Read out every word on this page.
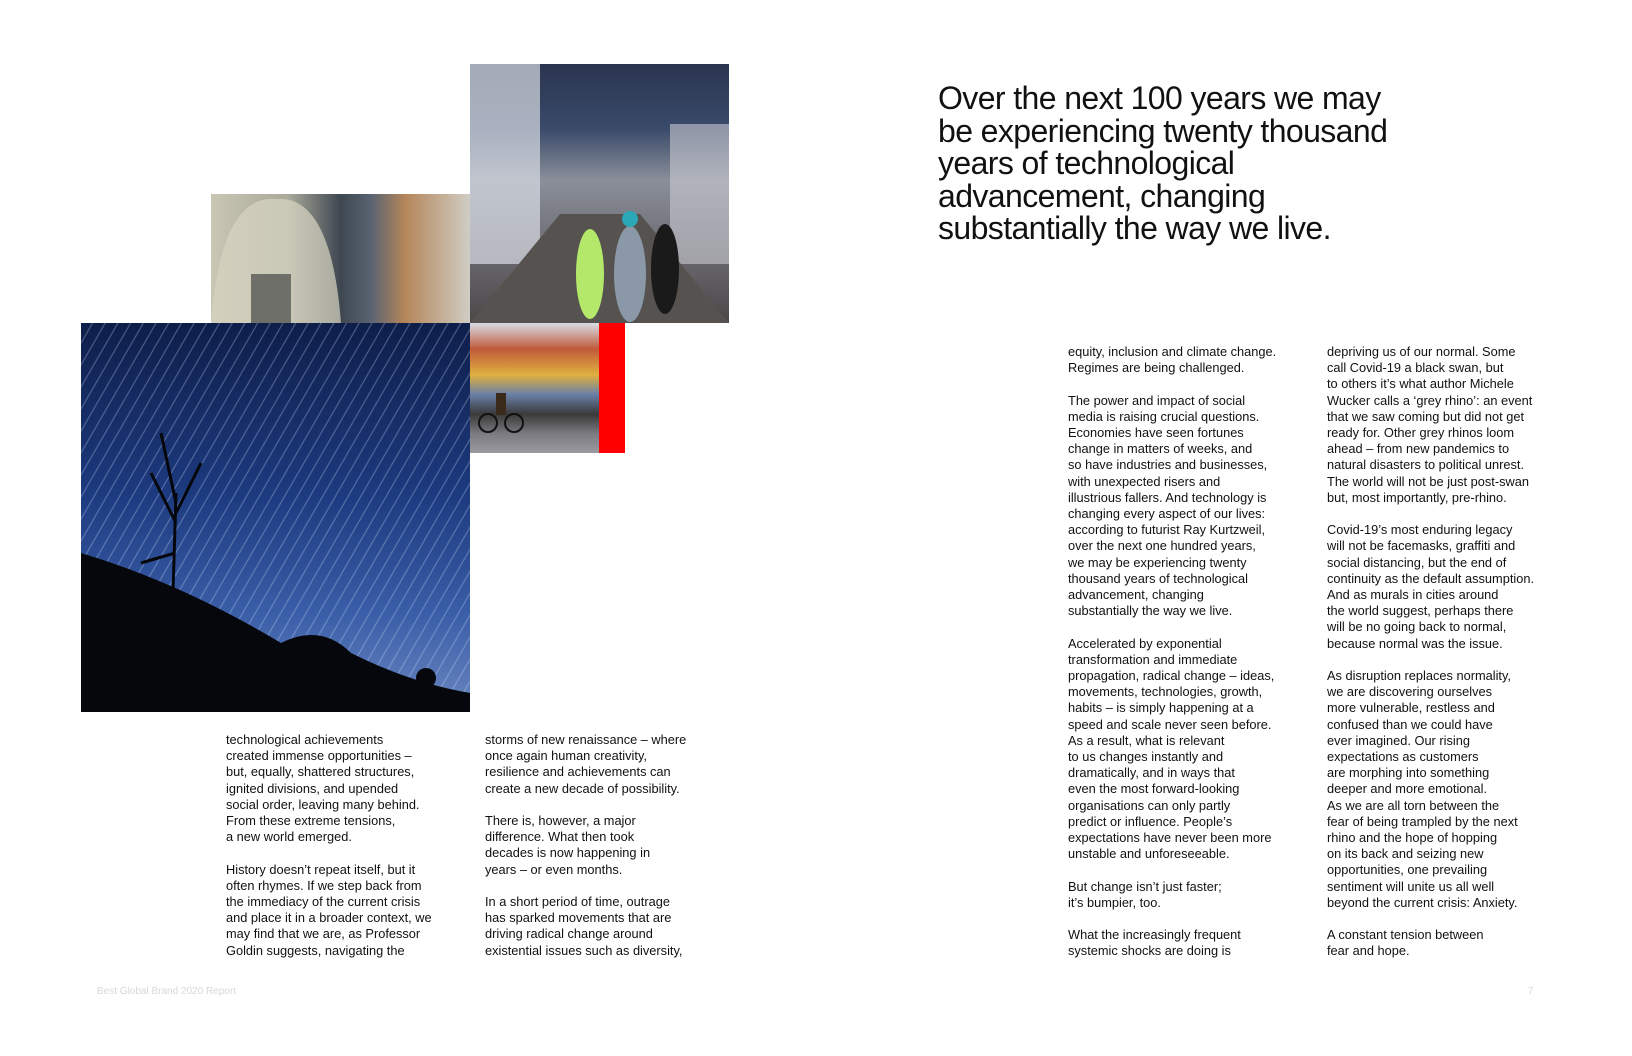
Over the next 100 years we may be experiencing twenty thousand years of technological advancement, changing substantially the way we live.

technological achievements
created immense opportunities –
but, equally, shattered structures,
ignited divisions, and upended
social order, leaving many behind.
From these extreme tensions,
a new world emerged.

History doesn’t repeat itself, but it
often rhymes. If we step back from
the immediacy of the current crisis
and place it in a broader context, we
may find that we are, as Professor
Goldin suggests, navigating the

storms of new renaissance – where
once again human creativity,
resilience and achievements can
create a new decade of possibility.

There is, however, a major
difference. What then took
decades is now happening in
years – or even months.

In a short period of time, outrage
has sparked movements that are
driving radical change around
existential issues such as diversity,

equity, inclusion and climate change.
Regimes are being challenged.

The power and impact of social
media is raising crucial questions.
Economies have seen fortunes
change in matters of weeks, and
so have industries and businesses,
with unexpected risers and
illustrious fallers. And technology is
changing every aspect of our lives:
according to futurist Ray Kurtzweil,
over the next one hundred years,
we may be experiencing twenty
thousand years of technological
advancement, changing
substantially the way we live.

Accelerated by exponential
transformation and immediate
propagation, radical change – ideas,
movements, technologies, growth,
habits – is simply happening at a
speed and scale never seen before.
As a result, what is relevant
to us changes instantly and
dramatically, and in ways that
even the most forward-looking
organisations can only partly
predict or influence. People’s
expectations have never been more
unstable and unforeseeable.

But change isn’t just faster;
it’s bumpier, too.

What the increasingly frequent
systemic shocks are doing is

depriving us of our normal. Some
call Covid-19 a black swan, but
to others it’s what author Michele
Wucker calls a ‘grey rhino’: an event
that we saw coming but did not get
ready for. Other grey rhinos loom
ahead – from new pandemics to
natural disasters to political unrest.
The world will not be just post-swan
but, most importantly, pre-rhino.

Covid-19’s most enduring legacy
will not be facemasks, graffiti and
social distancing, but the end of
continuity as the default assumption.
And as murals in cities around
the world suggest, perhaps there
will be no going back to normal,
because normal was the issue.

As disruption replaces normality,
we are discovering ourselves
more vulnerable, restless and
confused than we could have
ever imagined. Our rising
expectations as customers
are morphing into something
deeper and more emotional.
As we are all torn between the
fear of being trampled by the next
rhino and the hope of hopping
on its back and seizing new
opportunities, one prevailing
sentiment will unite us all well
beyond the current crisis: Anxiety.

A constant tension between
fear and hope.

Best Global Brand 2020 Report	7
